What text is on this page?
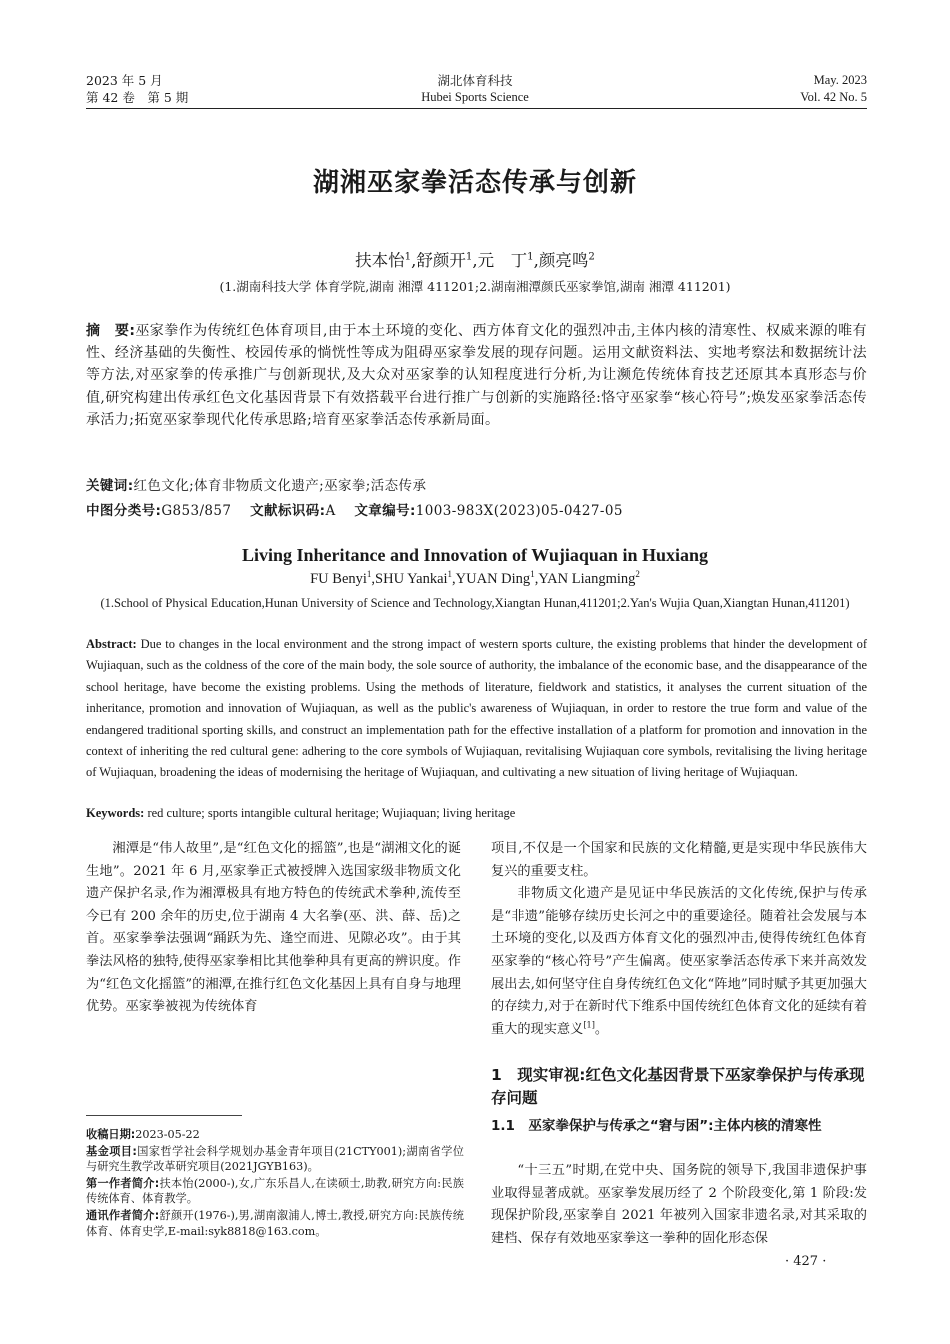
2023 年 5 月
第 42 卷　第 5 期
湖北体育科技
Hubei Sports Science
May. 2023
Vol. 42 No. 5
湖湘巫家拳活态传承与创新
扶本怡$^1$,舒颜开$^1$,元　丁$^1$,颜亮鸣$^2$
(1.湖南科技大学 体育学院,湖南 湘潭 411201;2.湖南湘潭颜氏巫家拳馆,湖南 湘潭 411201)
摘　要:巫家拳作为传统红色体育项目,由于本土环境的变化、西方体育文化的强烈冲击,主体内核的清寒性、权威来源的唯有性、经济基础的失衡性、校园传承的惝恍性等成为阻碍巫家拳发展的现存问题。运用文献资料法、实地考察法和数据统计法等方法,对巫家拳的传承推广与创新现状,及大众对巫家拳的认知程度进行分析,为让濒危传统体育技艺还原其本真形态与价值,研究构建出传承红色文化基因背景下有效搭载平台进行推广与创新的实施路径:恪守巫家拳“核心符号”;焕发巫家拳活态传承活力;拓宽巫家拳现代化传承思路;培育巫家拳活态传承新局面。
关键词:红色文化;体育非物质文化遗产;巫家拳;活态传承
中图分类号:G853/857 文献标识码:A 文章编号:1003-983X(2023)05-0427-05
Living Inheritance and Innovation of Wujiaquan in Huxiang
FU Benyi$^1$,SHU Yankai$^1$,YUAN Ding$^1$,YAN Liangming$^2$
(1.School of Physical Education,Hunan University of Science and Technology,Xiangtan Hunan,411201;2.Yan's Wujia Quan,Xiangtan Hunan,411201)
Abstract: Due to changes in the local environment and the strong impact of western sports culture, the existing problems that hinder the development of Wujiaquan, such as the coldness of the core of the main body, the sole source of authority, the imbalance of the economic base, and the disappearance of the school heritage, have become the existing problems. Using the methods of literature, fieldwork and statistics, it analyses the current situation of the inheritance, promotion and innovation of Wujiaquan, as well as the public's awareness of Wujiaquan, in order to restore the true form and value of the endangered traditional sporting skills, and construct an implementation path for the effective installation of a platform for promotion and innovation in the context of inheriting the red cultural gene: adhering to the core symbols of Wujiaquan, revitalising Wujiaquan core symbols, revitalising the living heritage of Wujiaquan, broadening the ideas of modernising the heritage of Wujiaquan, and cultivating a new situation of living heritage of Wujiaquan.
Keywords: red culture; sports intangible cultural heritage; Wujiaquan; living heritage

湘潭是“伟人故里”,是“红色文化的摇篮”,也是“湖湘文化的诞生地”。2021 年 6 月,巫家拳正式被授牌入选国家级非物质文化遗产保护名录,作为湘潭极具有地方特色的传统武术拳种,流传至今已有 200 余年的历史,位于湖南 4 大名拳(巫、洪、薛、岳)之首。巫家拳拳法强调“踊跃为先、逢空而进、见隙必攻”。由于其拳法风格的独特,使得巫家拳相比其他拳种具有更高的辨识度。作为“红色文化摇篮”的湘潭,在推行红色文化基因上具有自身与地理优势。巫家拳被视为传统体育

项目,不仅是一个国家和民族的文化精髓,更是实现中华民族伟大复兴的重要支柱。

非物质文化遗产是见证中华民族活的文化传统,保护与传承是“非遗”能够存续历史长河之中的重要途径。随着社会发展与本土环境的变化,以及西方体育文化的强烈冲击,使得传统红色体育巫家拳的“核心符号”产生偏离。使巫家拳活态传承下来并高效发展出去,如何坚守住自身传统红色文化“阵地”同时赋予其更加强大的存续力,对于在新时代下维系中国传统红色体育文化的延续有着重大的现实意义[1]。

1　现实审视:红色文化基因背景下巫家拳保护与传承现存问题
1.1　巫家拳保护与传承之“窘与困”:主体内核的清寒性

“十三五”时期,在党中央、国务院的领导下,我国非遗保护事业取得显著成就。巫家拳发展历经了 2 个阶段变化,第 1 阶段:发现保护阶段,巫家拳自 2021 年被列入国家非遗名录,对其采取的建档、保存有效地巫家拳这一拳种的固化形态保

收稿日期:2023-05-22
基金项目:国家哲学社会科学规划办基金青年项目(21CTY001);湖南省学位与研究生教学改革研究项目(2021JGYB163)。
第一作者简介:扶本怡(2000-),女,广东乐昌人,在读硕士,助教,研究方向:民族传统体育、体育教学。
通讯作者简介:舒颜开(1976-),男,湖南溆浦人,博士,教授,研究方向:民族传统体育、体育史学,E-mail:syk8818@163.com。
· 427 ·
